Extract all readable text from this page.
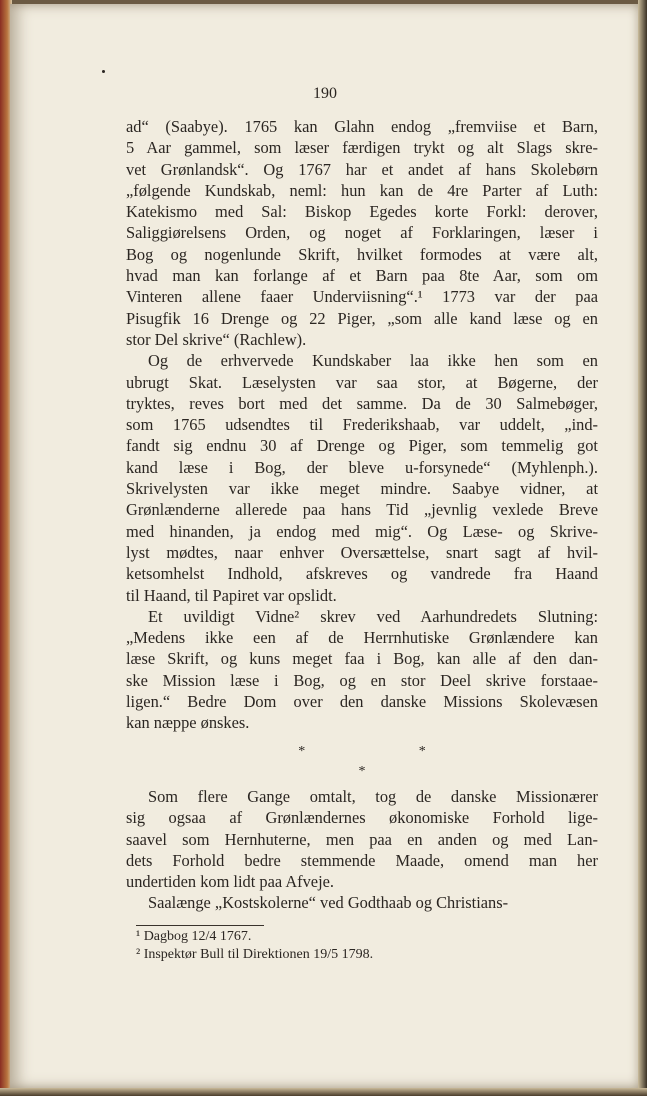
190
ad“ (Saabye). 1765 kan Glahn endog „fremviise et Barn,
5 Aar gammel, som læser færdigen trykt og alt Slags skre-
vet Grønlandsk“. Og 1767 har et andet af hans Skolebørn
„følgende Kundskab, neml: hun kan de 4re Parter af Luth:
Katekismo med Sal: Biskop Egedes korte Forkl: derover,
Saliggiørelsens Orden, og noget af Forklaringen, læser i
Bog og nogenlunde Skrift, hvilket formodes at være alt,
hvad man kan forlange af et Barn paa 8te Aar, som om
Vinteren allene faaer Underviisning“.¹ 1773 var der paa
Pisugfik 16 Drenge og 22 Piger, „som alle kand læse og en
stor Del skrive“ (Rachlew).
Og de erhvervede Kundskaber laa ikke hen som en
ubrugt Skat. Læselysten var saa stor, at Bøgerne, der
tryktes, reves bort med det samme. Da de 30 Salmebøger,
som 1765 udsendtes til Frederikshaab, var uddelt, „ind-
fandt sig endnu 30 af Drenge og Piger, som temmelig got
kand læse i Bog, der bleve u-forsynede“ (Myhlenph.).
Skrivelysten var ikke meget mindre. Saabye vidner, at
Grønlænderne allerede paa hans Tid „jevnlig vexlede Breve
med hinanden, ja endog med mig“. Og Læse- og Skrive-
lyst mødtes, naar enhver Oversættelse, snart sagt af hvil-
ketsomhelst Indhold, afskreves og vandrede fra Haand
til Haand, til Papiret var opslidt.
Et uvildigt Vidne² skrev ved Aarhundredets Slutning:
„Medens ikke een af de Herrnhutiske Grønlændere kan
læse Skrift, og kuns meget faa i Bog, kan alle af den dan-
ske Mission læse i Bog, og en stor Deel skrive forstaae-
ligen.“ Bedre Dom over den danske Missions Skolevæsen
kan næppe ønskes.
* *
*
Som flere Gange omtalt, tog de danske Missionærer
sig ogsaa af Grønlændernes økonomiske Forhold lige-
saavel som Hernhuterne, men paa en anden og med Lan-
dets Forhold bedre stemmende Maade, omend man her
undertiden kom lidt paa Afveje.
Saalænge „Kostskolerne“ ved Godthaab og Christians-
¹ Dagbog 12/4 1767.
² Inspektør Bull til Direktionen 19/5 1798.
